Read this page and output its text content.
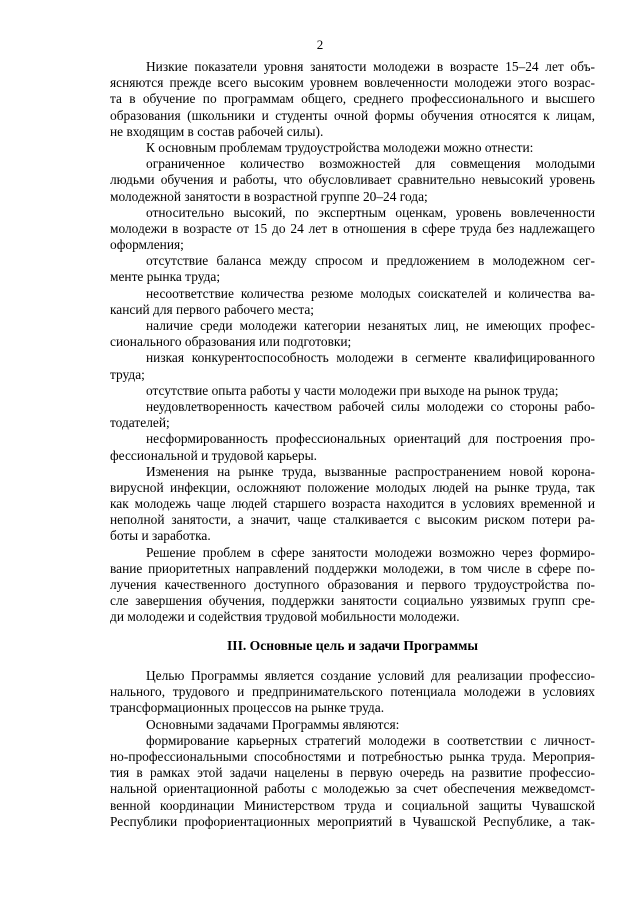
2
Низкие показатели уровня занятости молодежи в возрасте 15–24 лет объ-
ясняются прежде всего высоким уровнем вовлеченности молодежи этого возрас-
та в обучение по программам общего, среднего профессионального и высшего
образования (школьники и студенты очной формы обучения относятся к лицам,
не входящим в состав рабочей силы).
К основным проблемам трудоустройства молодежи можно отнести:
ограниченное количество возможностей для совмещения молодыми
людьми обучения и работы, что обусловливает сравнительно невысокий уровень
молодежной занятости в возрастной группе 20–24 года;
относительно высокий, по экспертным оценкам, уровень вовлеченности
молодежи в возрасте от 15 до 24 лет в отношения в сфере труда без надлежащего
оформления;
отсутствие баланса между спросом и предложением в молодежном сег-
менте рынка труда;
несоответствие количества резюме молодых соискателей и количества ва-
кансий для первого рабочего места;
наличие среди молодежи категории незанятых лиц, не имеющих профес-
сионального образования или подготовки;
низкая конкурентоспособность молодежи в сегменте квалифицированного
труда;
отсутствие опыта работы у части молодежи при выходе на рынок труда;
неудовлетворенность качеством рабочей силы молодежи со стороны рабо-
тодателей;
несформированность профессиональных ориентаций для построения про-
фессиональной и трудовой карьеры.
Изменения на рынке труда, вызванные распространением новой корона-
вирусной инфекции, осложняют положение молодых людей на рынке труда, так
как молодежь чаще людей старшего возраста находится в условиях временной и
неполной занятости, а значит, чаще сталкивается с высоким риском потери ра-
боты и заработка.
Решение проблем в сфере занятости молодежи возможно через формиро-
вание приоритетных направлений поддержки молодежи, в том числе в сфере по-
лучения качественного доступного образования и первого трудоустройства по-
сле завершения обучения, поддержки занятости социально уязвимых групп сре-
ди молодежи и содействия трудовой мобильности молодежи.
III. Основные цель и задачи Программы
Целью Программы является создание условий для реализации профессио-
нального, трудового и предпринимательского потенциала молодежи в условиях
трансформационных процессов на рынке труда.
Основными задачами Программы являются:
формирование карьерных стратегий молодежи в соответствии с личност-
но-профессиональными способностями и потребностью рынка труда. Мероприя-
тия в рамках этой задачи нацелены в первую очередь на развитие профессио-
нальной ориентационной работы с молодежью за счет обеспечения межведомст-
венной координации Министерством труда и социальной защиты Чувашской
Республики профориентационных мероприятий в Чувашской Республике, а так-
